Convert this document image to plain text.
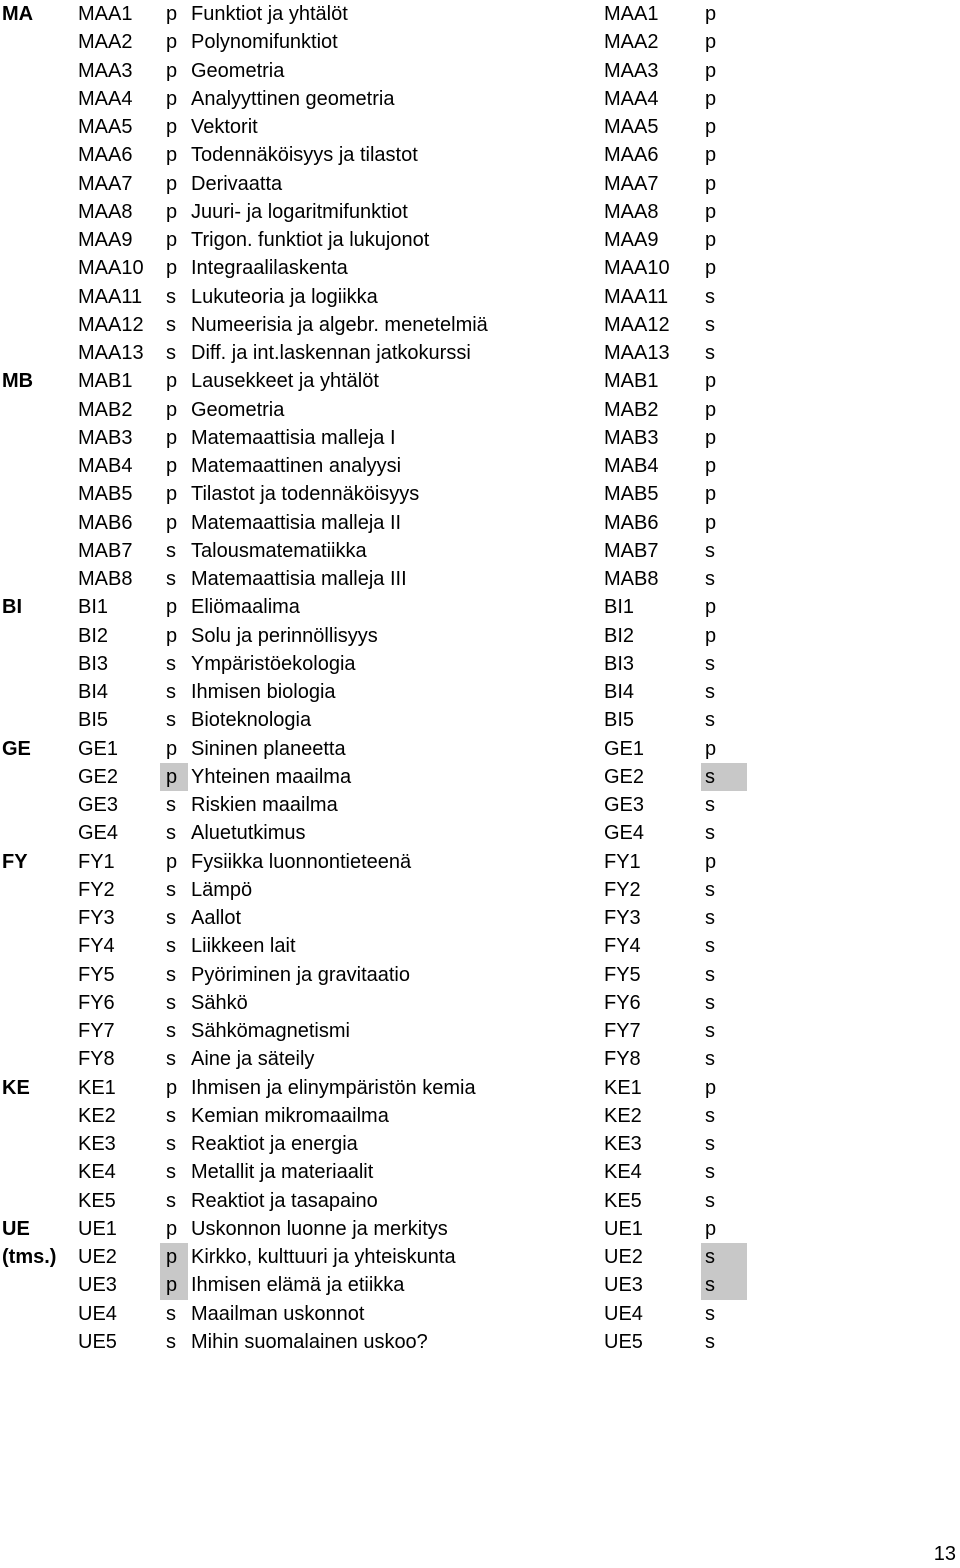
MA	MAA1	p	Funktiot ja yhtälöt	MAA1	p	
	MAA2	p	Polynomifunktiot	MAA2	p	
	MAA3	p	Geometria	MAA3	p	
	MAA4	p	Analyyttinen geometria	MAA4	p	
	MAA5	p	Vektorit	MAA5	p	
	MAA6	p	Todennäköisyys ja tilastot	MAA6	p	
	MAA7	p	Derivaatta	MAA7	p	
	MAA8	p	Juuri- ja logaritmifunktiot	MAA8	p	
	MAA9	p	Trigon. funktiot ja lukujonot	MAA9	p	
	MAA10	p	Integraalilaskenta	MAA10	p	
	MAA11	s	Lukuteoria ja logiikka	MAA11	s	
	MAA12	s	Numeerisia ja algebr. menetelmiä	MAA12	s	
	MAA13	s	Diff. ja int.laskennan jatkokurssi	MAA13	s	
MB	MAB1	p	Lausekkeet ja yhtälöt	MAB1	p	
	MAB2	p	Geometria	MAB2	p	
	MAB3	p	Matemaattisia malleja I	MAB3	p	
	MAB4	p	Matemaattinen analyysi	MAB4	p	
	MAB5	p	Tilastot ja todennäköisyys	MAB5	p	
	MAB6	p	Matemaattisia malleja II	MAB6	p	
	MAB7	s	Talousmatematiikka	MAB7	s	
	MAB8	s	Matemaattisia malleja III	MAB8	s	
BI	BI1	p	Eliömaalima	BI1	p	
	BI2	p	Solu ja perinnöllisyys	BI2	p	
	BI3	s	Ympäristöekologia	BI3	s	
	BI4	s	Ihmisen biologia	BI4	s	
	BI5	s	Bioteknologia	BI5	s	
GE	GE1	p	Sininen planeetta	GE1	p	
	GE2	p	Yhteinen maailma	GE2	s	
	GE3	s	Riskien maailma	GE3	s	
	GE4	s	Aluetutkimus	GE4	s	
FY	FY1	p	Fysiikka luonnontieteenä	FY1	p	
	FY2	s	Lämpö	FY2	s	
	FY3	s	Aallot	FY3	s	
	FY4	s	Liikkeen lait	FY4	s	
	FY5	s	Pyöriminen ja gravitaatio	FY5	s	
	FY6	s	Sähkö	FY6	s	
	FY7	s	Sähkömagnetismi	FY7	s	
	FY8	s	Aine ja säteily	FY8	s	
KE	KE1	p	Ihmisen ja elinympäristön kemia	KE1	p	
	KE2	s	Kemian mikromaailma	KE2	s	
	KE3	s	Reaktiot ja energia	KE3	s	
	KE4	s	Metallit ja materiaalit	KE4	s	
	KE5	s	Reaktiot ja tasapaino	KE5	s	
UE	UE1	p	Uskonnon luonne ja merkitys	UE1	p	
(tms.)	UE2	p	Kirkko, kulttuuri ja yhteiskunta	UE2	s	
	UE3	p	Ihmisen elämä ja etiikka	UE3	s	
	UE4	s	Maailman uskonnot	UE4	s	
	UE5	s	Mihin suomalainen uskoo?	UE5	s	
13
